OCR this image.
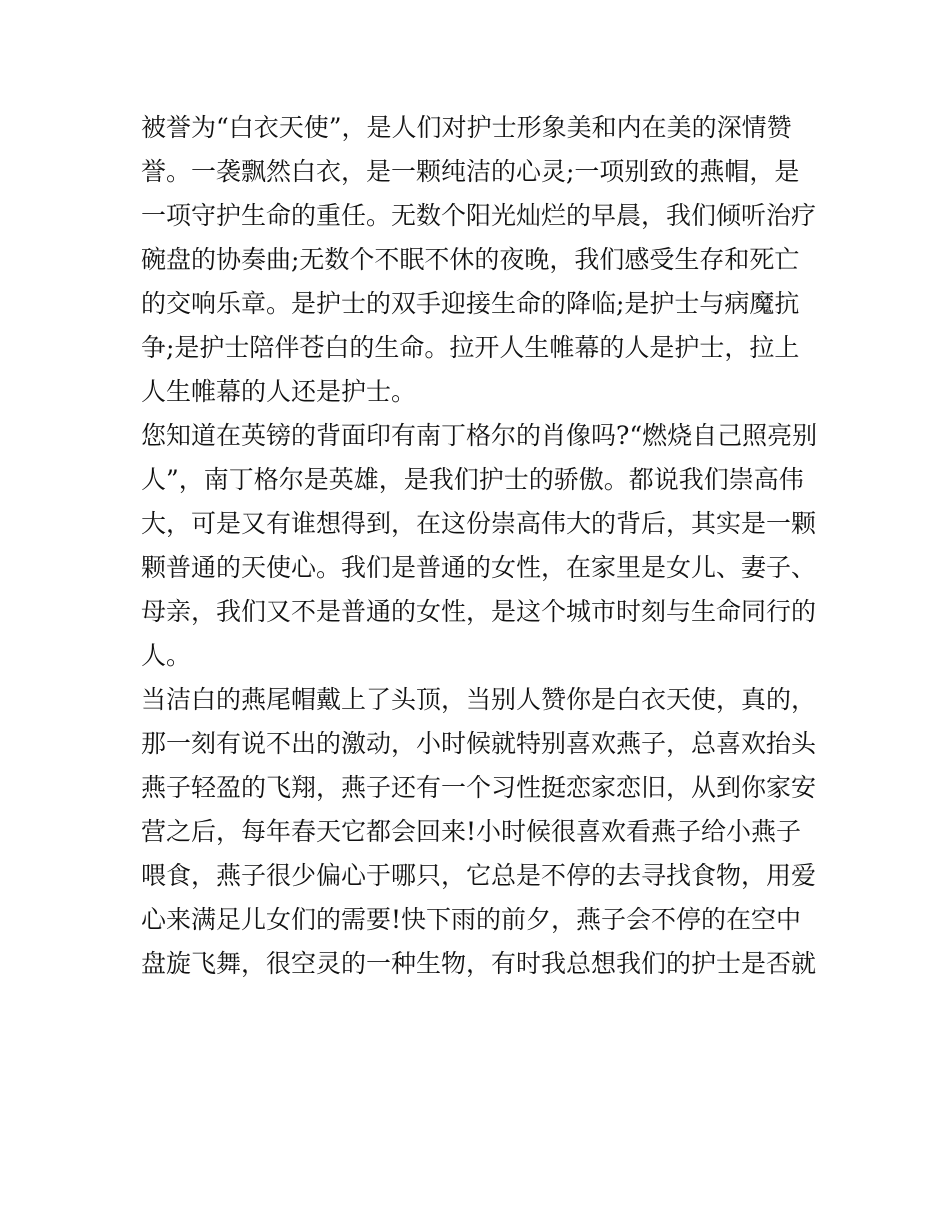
被誉为“白衣天使”，是人们对护士形象美和内在美的深情赞
誉。一袭飘然白衣，是一颗纯洁的心灵;一项别致的燕帽，是
一项守护生命的重任。无数个阳光灿烂的早晨，我们倾听治疗
碗盘的协奏曲;无数个不眠不休的夜晚，我们感受生存和死亡
的交响乐章。是护士的双手迎接生命的降临;是护士与病魔抗
争;是护士陪伴苍白的生命。拉开人生帷幕的人是护士，拉上
人生帷幕的人还是护士。
您知道在英镑的背面印有南丁格尔的肖像吗?“燃烧自己照亮别
人”，南丁格尔是英雄，是我们护士的骄傲。都说我们崇高伟
大，可是又有谁想得到，在这份崇高伟大的背后，其实是一颗
颗普通的天使心。我们是普通的女性，在家里是女儿、妻子、
母亲，我们又不是普通的女性，是这个城市时刻与生命同行的
人。
当洁白的燕尾帽戴上了头顶，当别人赞你是白衣天使，真的，
那一刻有说不出的激动，小时候就特别喜欢燕子，总喜欢抬头
燕子轻盈的飞翔，燕子还有一个习性挺恋家恋旧，从到你家安
营之后，每年春天它都会回来!小时候很喜欢看燕子给小燕子
喂食，燕子很少偏心于哪只，它总是不停的去寻找食物，用爱
心来满足儿女们的需要!快下雨的前夕，燕子会不停的在空中
盘旋飞舞，很空灵的一种生物，有时我总想我们的护士是否就
